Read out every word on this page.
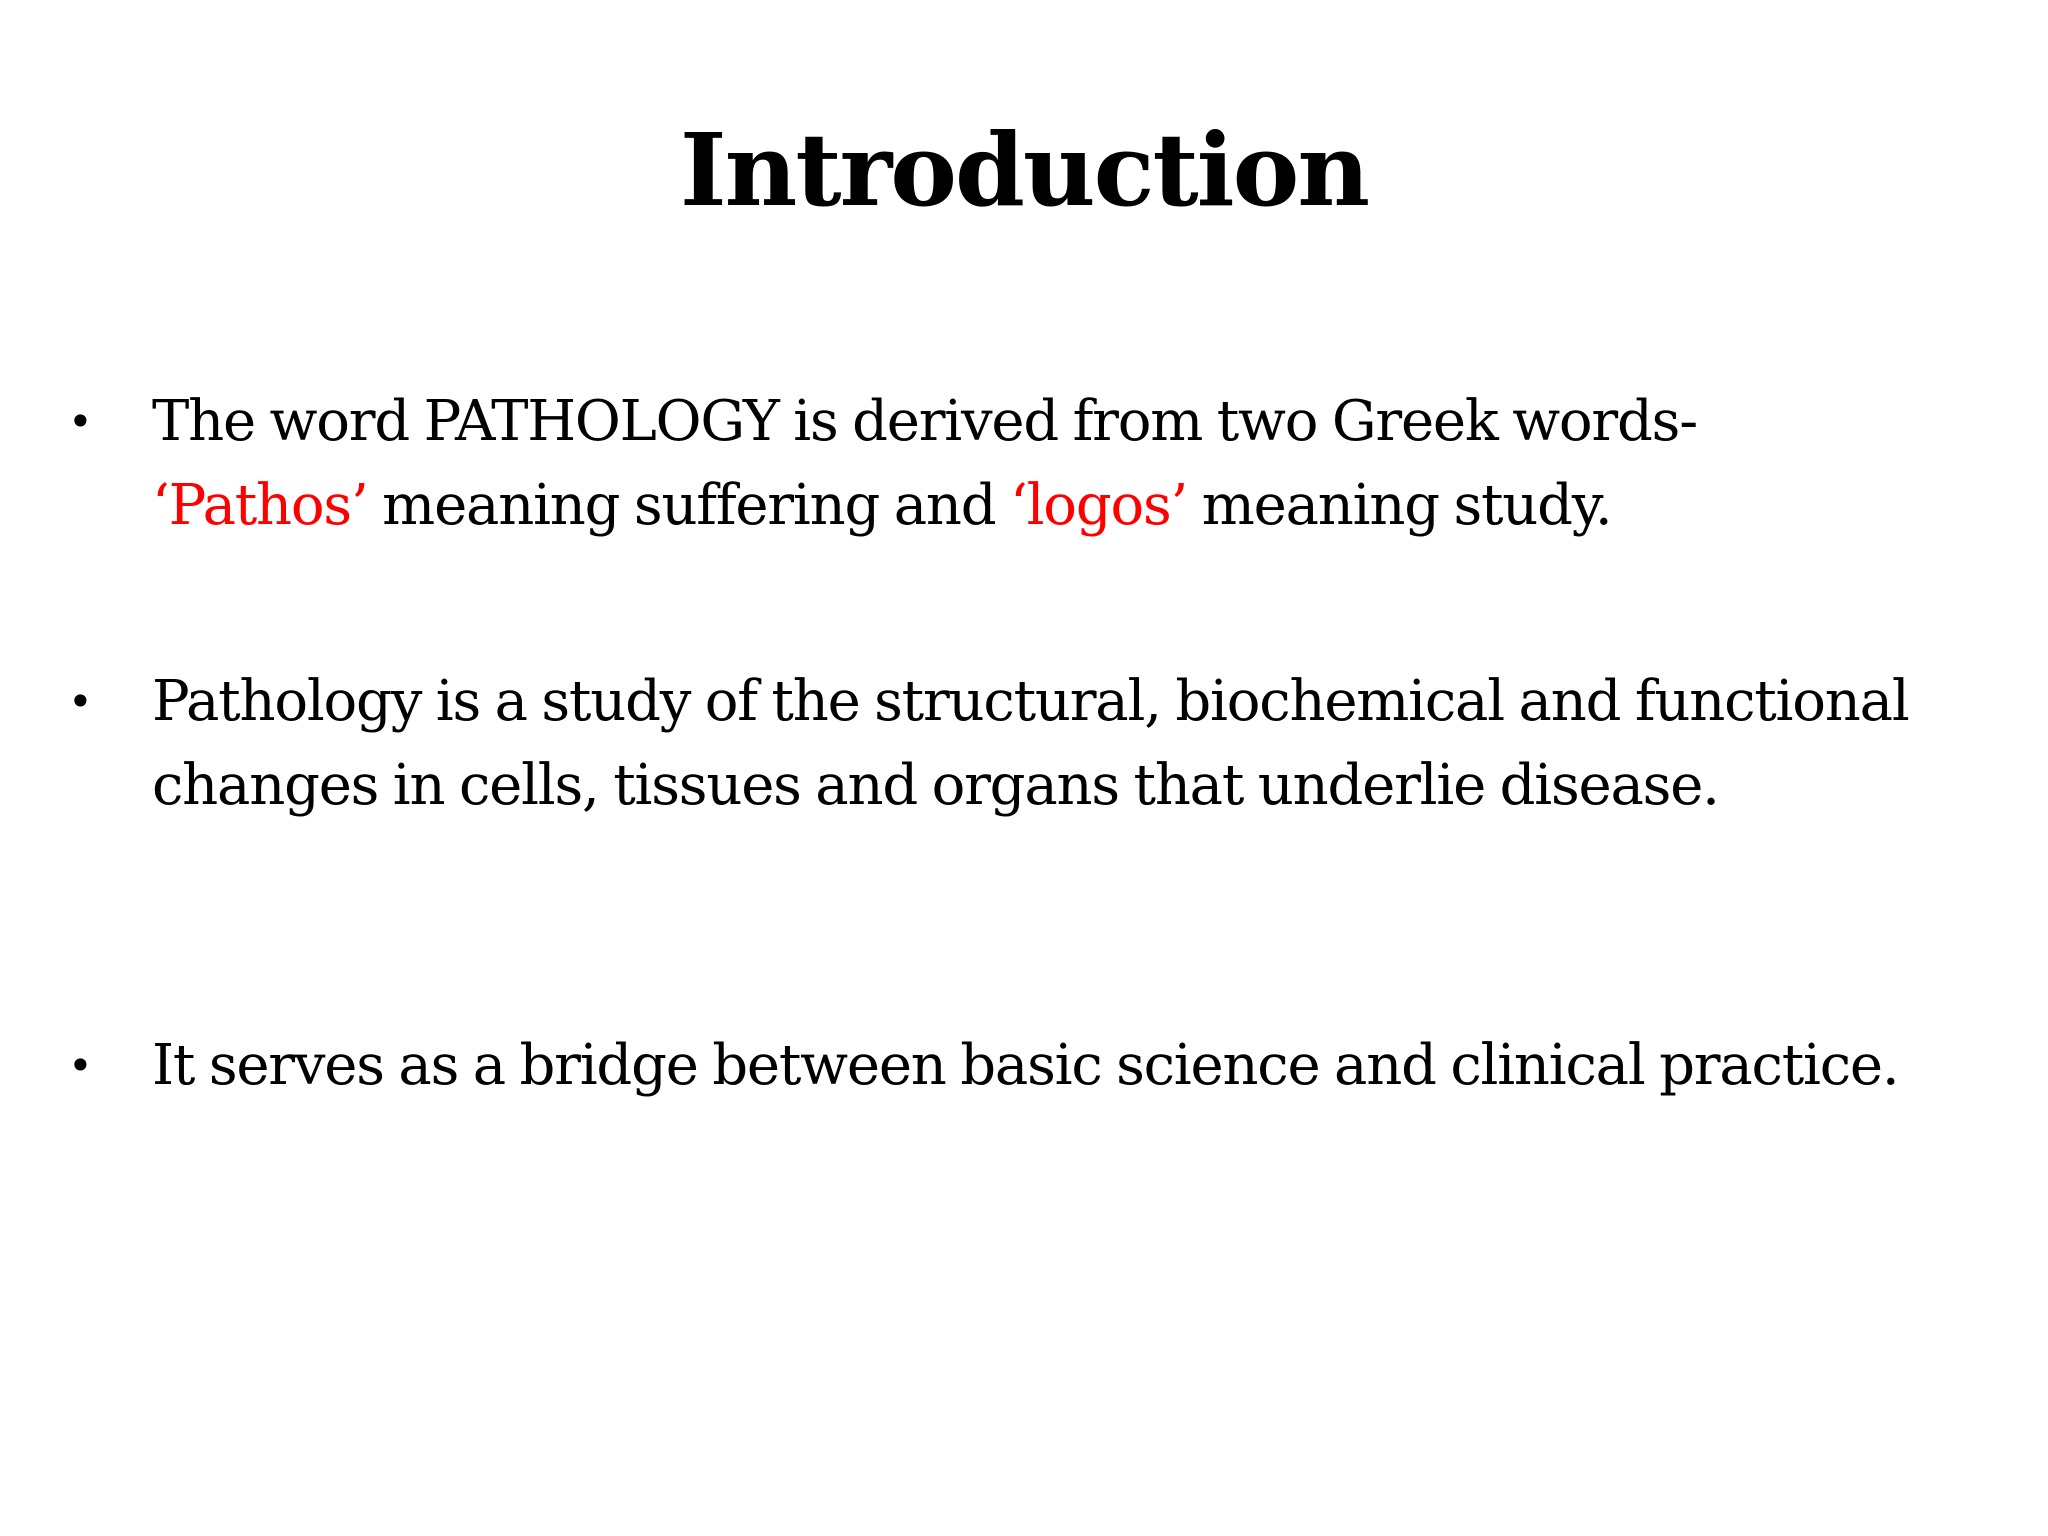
Introduction
• The word PATHOLOGY is derived from two Greek words-
‘Pathos’ meaning suffering and ‘logos’ meaning study.
• Pathology is a study of the structural, biochemical and functional changes in cells, tissues and organs that underlie disease.
• It serves as a bridge between basic science and clinical practice.
